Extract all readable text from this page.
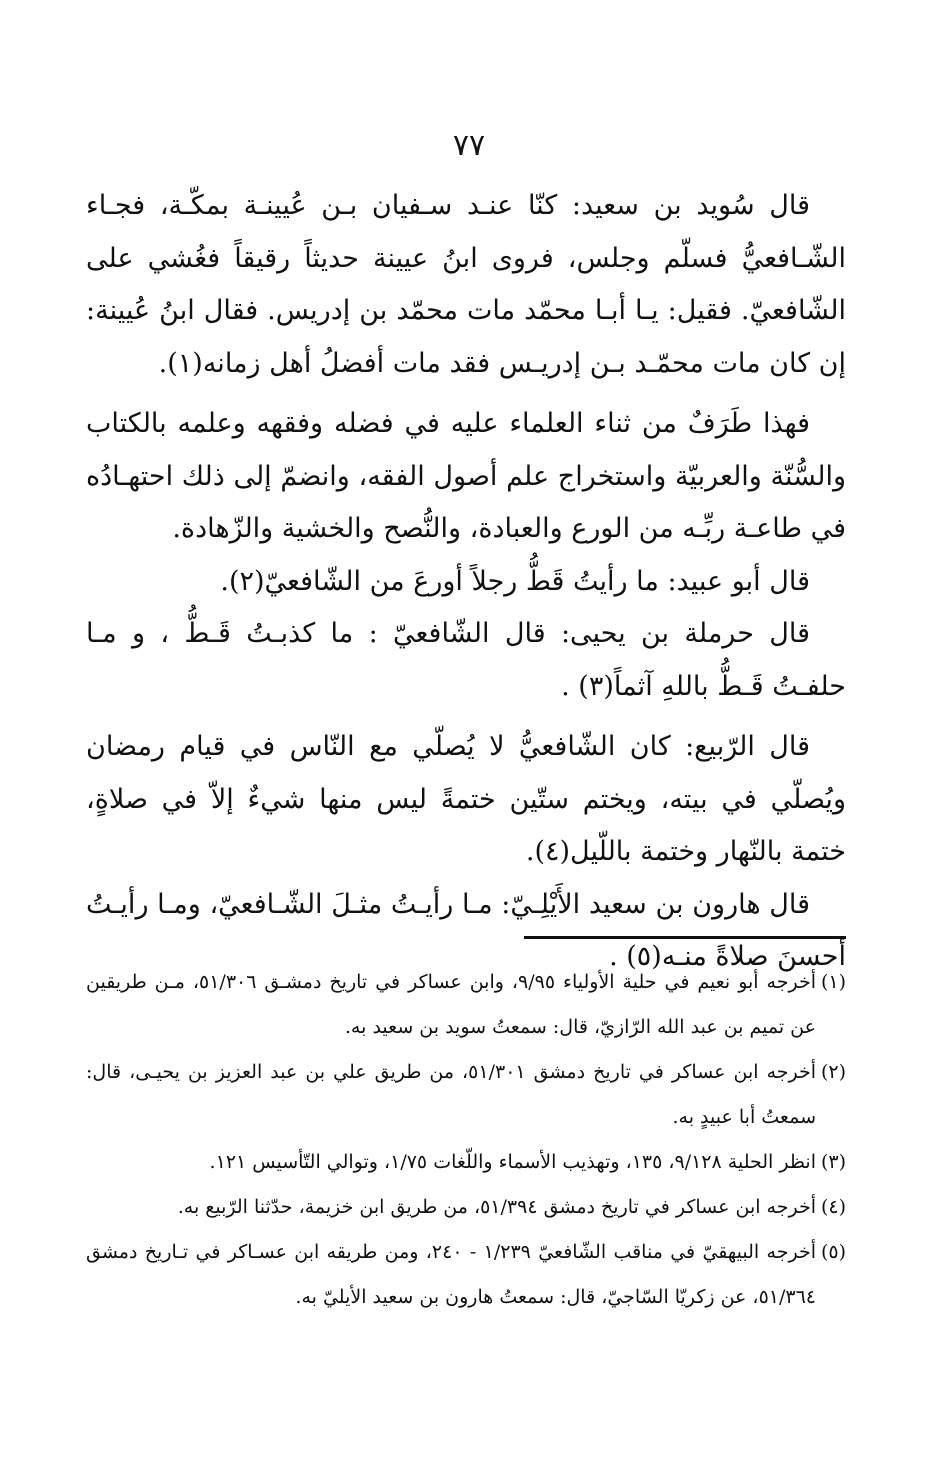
٧٧

قال سُويد بن سعيد: كنّا عنـد سـفيان بـن عُيينـة بمكّـة، فجـاء الشّـافعيُّ فسلّم وجلس، فروى ابنُ عيينة حديثاً رقيقاً فغُشي على الشّافعيّ. فقيل: يـا أبـا محمّد مات محمّد بن إدريس. فقال ابنُ عُيينة: إن كان مات محمّـد بـن إدريـس فقد مات أفضلُ أهل زمانه(١).

فهذا طَرَفٌ من ثناء العلماء عليه في فضله وفقهه وعلمه بالكتاب والسُّنّة والعربيّة واستخراج علم أصول الفقه، وانضمّ إلى ذلك احتهـادُه في طاعـة ربِّـه من الورع والعبادة، والنُّصح والخشية والزّهادة.

قال أبو عبيد: ما رأيتُ قَطُّ رجلاً أورعَ من الشّافعيّ(٢).

قال حرملة بن يحيى: قال الشّافعيّ : ما كذبـتُ قَـطُّ ، و مـا حلفـتُ قَـطُّ باللهِ آثماً(٣) .

قال الرّبيع: كان الشّافعيُّ لا يُصلّي مع النّاس في قيام رمضان ويُصلّي في بيته، ويختم ستّين ختمةً ليس منها شيءٌ إلاّ في صلاةٍ، ختمة بالنّهار وختمة باللّيل(٤).

قال هارون بن سعيد الأَيْلِـيّ: مـا رأيـتُ مثـلَ الشّـافعيّ، ومـا رأيـتُ أحسنَ صلاةً منـه(٥) .

(١)
أخرجه أبو نعيم في حلية الأولياء ٩/٩٥، وابن عساكر في تاريخ دمشـق ٥١/٣٠٦، مـن طريقين عن تميم بن عبد الله الرّازيّ، قال: سمعتُ سويد بن سعيد به.
(٢)
أخرجه ابن عساكر في تاريخ دمشق ٥١/٣٠١، من طريق علي بن عبد العزيز بن يحيـى، قال: سمعتُ أبا عبيدٍ به.
(٣)
انظر الحلية ٩/١٢٨، ١٣٥، وتهذيب الأسماء واللّغات ١/٧٥، وتوالي التّأسيس ١٢١.
(٤)
أخرجه ابن عساكر في تاريخ دمشق ٥١/٣٩٤، من طريق ابن خزيمة، حدّثنا الرّبيع به.
(٥)
أخرجه البيهقيّ في مناقب الشّافعيّ ١/٢٣٩ - ٢٤٠، ومن طريقه ابن عسـاكر في تـاريخ دمشق ٥١/٣٦٤، عن زكريّا السّاجيّ، قال: سمعتُ هارون بن سعيد الأيليّ به.
